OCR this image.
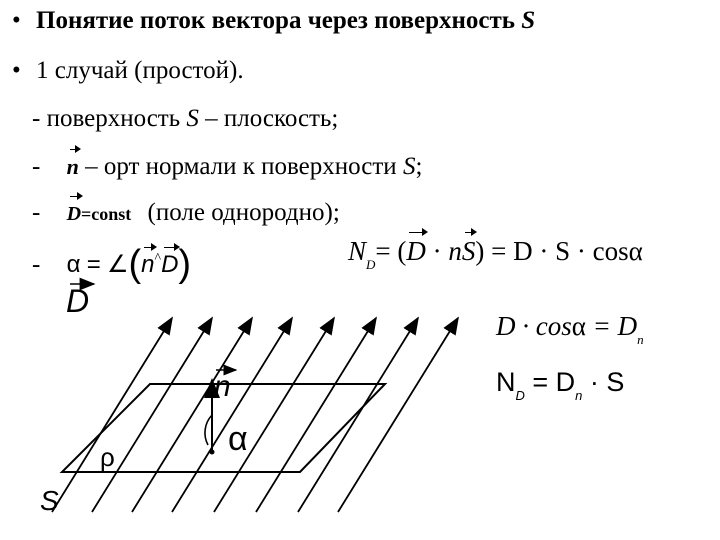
• Понятие поток вектора через поверхность S
• 1 случай (простой).
- поверхность S – плоскость;
- n – орт нормали к поверхности S;
- D=const (поле однородно);
- α = ∠(n^D)	$N_D= (D \cdot nS) = D \cdot S \cdot \cos\alpha$
$D \cdot \cos\alpha = D_n$
$N_D = D_n \cdot S$
D
n
α
ρ
S
